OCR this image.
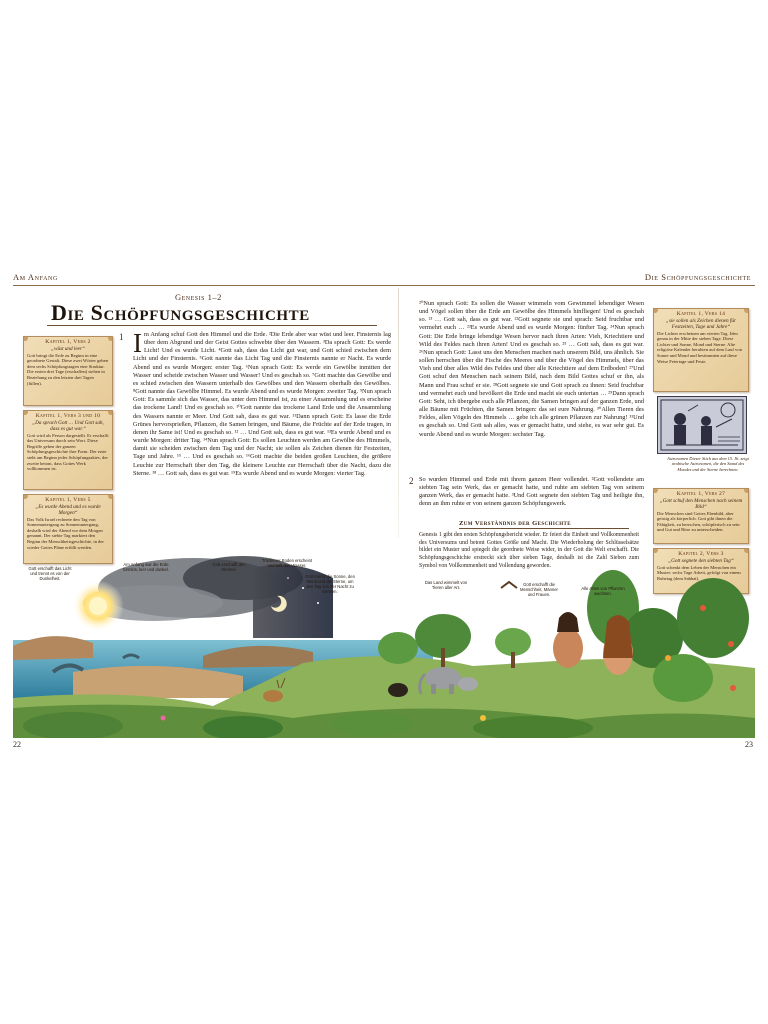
Am Anfang	Die Schöpfungsgeschichte
Genesis 1–2
Die Schöpfungsgeschichte
Kapitel 1, Vers 2
„wüst und leer“
Gott bringt die Erde zu Beginn in eine geordnete Gestalt. Diese zwei Wörter geben dem sechs Schöpfungstagen eine Struktur. Die ersten drei Tage (erschaffen) stehen in Beziehung zu den letzten drei Tagen (füllen).
Kapitel 1, Vers 3 und 10
„Da sprach Gott … Und Gott sah, dass es gut war.“
Gott wird als Person dargestellt. Er erschafft das Universum durch sein Wort. Diese Begriffe geben der ganzen Schöpfungsgeschichte ihre Form. Der erste steht am Beginn jedes Schöpfungsaktes, der zweite betont, dass Gottes Werk vollkommen ist.
Kapitel 1, Vers 5
„Es wurde Abend und es wurde Morgen“
Das Volk Israel rechnete den Tag von Sonnenuntergang zu Sonnenuntergang, deshalb wird der Abend vor dem Morgen genannt. Der siebte Tag markiert den Beginn der Menschheitsgeschichte, in der wieder Gottes Pläne erfüllt werden.
1
2
Im Anfang schuf Gott den Himmel und die Erde. ²Die Erde aber war wüst und leer. Finsternis lag über dem Abgrund und der Geist Gottes schwebte über den Wassern. ³Da sprach Gott: Es werde Licht! Und es wurde Licht. ⁴Gott sah, dass das Licht gut war, und Gott schied zwischen dem Licht und der Finsternis. ⁵Gott nannte das Licht Tag und die Finsternis nannte er Nacht. Es wurde Abend und es wurde Morgen: erster Tag. ⁶Nun sprach Gott: Es werde ein Gewölbe inmitten der Wasser und scheide zwischen Wasser und Wasser! Und es geschah so. ⁷Gott machte das Gewölbe und es schied zwischen den Wassern unterhalb des Gewölbes und den Wassern oberhalb des Gewölbes. ⁸Gott nannte das Gewölbe Himmel. Es wurde Abend und es wurde Morgen: zweiter Tag. ⁹Nun sprach Gott: Es sammle sich das Wasser, das unter dem Himmel ist, zu einer Ansammlung und es erscheine das trockene Land! Und es geschah so. ¹⁰Gott nannte das trockene Land Erde und die Ansammlung des Wassers nannte er Meer. Und Gott sah, dass es gut war. ¹¹Dann sprach Gott: Es lasse die Erde Grünes hervorsprießen, Pflanzen, die Samen bringen, und Bäume, die Früchte auf der Erde tragen, in denen ihr Same ist! Und es geschah so. ¹² … Und Gott sah, dass es gut war. ¹³Es wurde Abend und es wurde Morgen: dritter Tag. ¹⁴Nun sprach Gott: Es sollen Leuchten werden am Gewölbe des Himmels, damit sie scheiden zwischen dem Tag und der Nacht; sie sollen als Zeichen dienen für Festzeiten, Tage und Jahre. ¹⁵ … Und es geschah so. ¹⁶Gott machte die beiden großen Leuchten, die größere Leuchte zur Herrschaft über den Tag, die kleinere Leuchte zur Herrschaft über die Nacht, dazu die Sterne. ¹⁸ … Gott sah, dass es gut war. ¹⁹Es wurde Abend und es wurde Morgen: vierter Tag.

²⁰Nun sprach Gott: Es sollen die Wasser wimmeln vom Gewimmel lebendiger Wesen und Vögel sollen über die Erde am Gewölbe des Himmels hinfliegen! Und es geschah so. ²¹ … Gott sah, dass es gut war. ²²Gott segnete sie und sprach: Seid fruchtbar und vermehrt euch … ²³Es wurde Abend und es wurde Morgen: fünfter Tag. ²⁴Nun sprach Gott: Die Erde bringe lebendige Wesen hervor nach ihren Arten: Vieh, Kriechtiere und Wild des Feldes nach ihren Arten! Und es geschah so. ²⁵ … Gott sah, dass es gut war. ²⁶Nun sprach Gott: Lasst uns den Menschen machen nach unserem Bild, uns ähnlich. Sie sollen herrschen über die Fische des Meeres und über die Vögel des Himmels, über das Vieh und über alles Wild des Feldes und über alle Kriechtiere auf dem Erdboden! ²⁷Und Gott schuf den Menschen nach seinem Bild, nach dem Bild Gottes schuf er ihn, als Mann und Frau schuf er sie. ²⁸Gott segnete sie und Gott sprach zu ihnen: Seid fruchtbar und vermehrt euch und bevölkert die Erde und macht sie euch untertan … ²⁹Dann sprach Gott: Seht, ich übergebe euch alle Pflanzen, die Samen bringen auf der ganzen Erde, und alle Bäume mit Früchten, die Samen bringen: das sei eure Nahrung. ³⁰Allen Tieren des Feldes, allen Vögeln des Himmels … gebe ich alle grünen Pflanzen zur Nahrung! ³¹Und es geschah so. Und Gott sah alles, was er gemacht hatte, und siehe, es war sehr gut. Es wurde Abend und es wurde Morgen: sechster Tag.

So wurden Himmel und Erde mit ihrem ganzen Heer vollendet. ²Gott vollendete am siebten Tag sein Werk, das er gemacht hatte, und ruhte am siebten Tag von seinem ganzen Werk, das er gemacht hatte. ³Und Gott segnete den siebten Tag und heiligte ihn, denn an ihm ruhte er von seinem ganzen Schöpfungswerk.

Zum Verständnis der Geschichte

Genesis 1 gibt den ersten Schöpfungsbericht wieder. Er feiert die Einheit und Vollkommenheit des Universums und betont Gottes Größe und Macht. Die Wiederholung der Schlüsselsätze bildet ein Muster und spiegelt die geordnete Weise wider, in der Gott die Welt erschafft. Die Schöpfungsgeschichte erstreckt sich über sieben Tage, deshalb ist die Zahl Sieben zum Symbol von Vollkommenheit und Vollendung geworden.

Kapitel 1, Vers 14
„sie sollen als Zeichen dienen für Festzeiten, Tage und Jahre“
Die Lichter erscheinen am vierten Tag. Ideo genau in der Mitte der sieben Tage. Diese Lichter und Sonne, Mond und Sterne. Alte religiöse Kalender beruhten auf dem Lauf von Sonne und Mond und bestimmten auf diese Weise Feiertage und Feste.
Astronomen Dieser Stich aus dem 15. Jh. zeigt arabische Astronomen, die den Stand des Mondes und der Sterne berechnen.
Kapitel 1, Vers 27
„Gott schuf den Menschen nach seinem Bild“
Die Menschen sind Gottes Ebenbild, aber geistig als körperlich. Gott gibt ihnen die Fähigkeit, zu herrschen, schöpferisch zu sein und Gut und Böse zu unterscheiden.
Kapitel 2, Vers 3
„Gott segnete den siebten Tag“
Gott schenkt dem Leben der Menschen ein Muster: sechs Tage Arbeit, gefolgt von einem Ruhetag (dem Sabbat).
Gott erschafft das Licht und trennt es von der Dunkelheit.
Am Anfang war die Erde formlos, leer und dunkel.
Gott erschafft den Himmel.
Trockener Boden erscheint und teilt das Wasser.
Gott macht die Sonne, den Mond und die Sterne, um den Tag von der Nacht zu trennen.
Das Land wimmelt von Tieren aller Art.
Gott erschafft die Menschheit, Männer und Frauen.
Alle Arten von Pflanzen wachsen.
22	23
